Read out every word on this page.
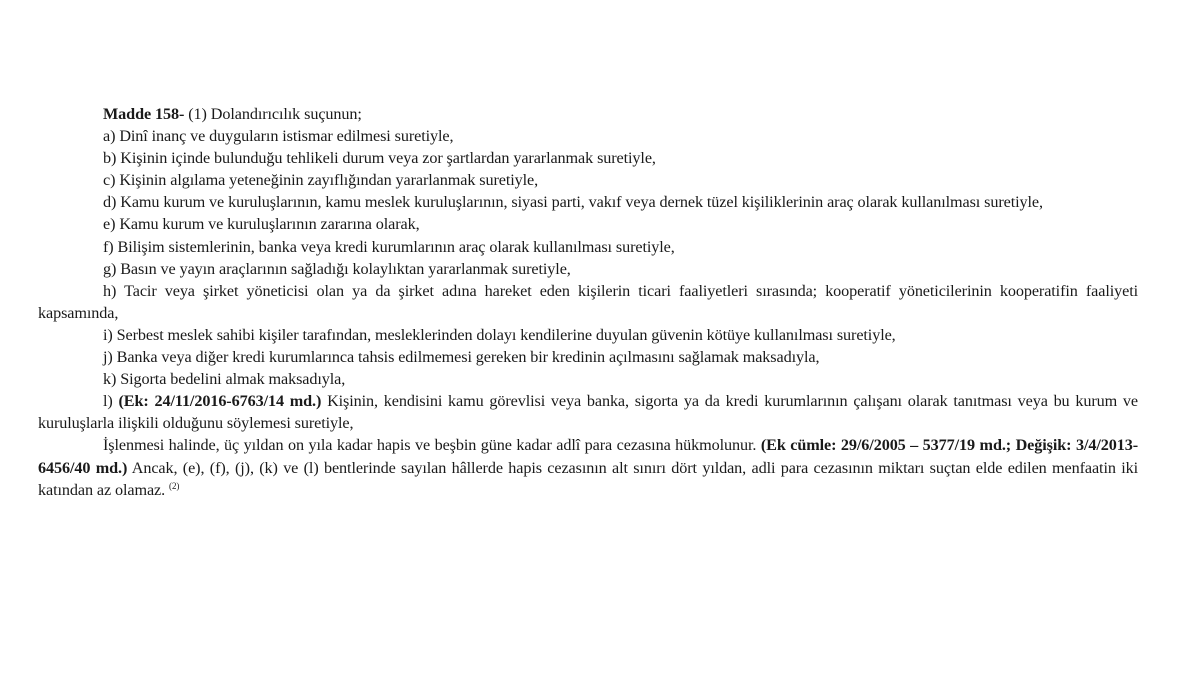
Madde 158- (1) Dolandırıcılık suçunun;

a) Dinî inanç ve duyguların istismar edilmesi suretiyle,

b) Kişinin içinde bulunduğu tehlikeli durum veya zor şartlardan yararlanmak suretiyle,

c) Kişinin algılama yeteneğinin zayıflığından yararlanmak suretiyle,

d) Kamu kurum ve kuruluşlarının, kamu meslek kuruluşlarının, siyasi parti, vakıf veya dernek tüzel kişiliklerinin araç olarak kullanılması suretiyle,

e) Kamu kurum ve kuruluşlarının zararına olarak,

f) Bilişim sistemlerinin, banka veya kredi kurumlarının araç olarak kullanılması suretiyle,

g) Basın ve yayın araçlarının sağladığı kolaylıktan yararlanmak suretiyle,

h) Tacir veya şirket yöneticisi olan ya da şirket adına hareket eden kişilerin ticari faaliyetleri sırasında; kooperatif yöneticilerinin kooperatifin faaliyeti kapsamında,

i) Serbest meslek sahibi kişiler tarafından, mesleklerinden dolayı kendilerine duyulan güvenin kötüye kullanılması suretiyle,

j) Banka veya diğer kredi kurumlarınca tahsis edilmemesi gereken bir kredinin açılmasını sağlamak maksadıyla,

k) Sigorta bedelini almak maksadıyla,

l) (Ek: 24/11/2016-6763/14 md.) Kişinin, kendisini kamu görevlisi veya banka, sigorta ya da kredi kurumlarının çalışanı olarak tanıtması veya bu kurum ve kuruluşlarla ilişkili olduğunu söylemesi suretiyle,

İşlenmesi halinde, üç yıldan on yıla kadar hapis ve beşbin güne kadar adlî para cezasına hükmolunur. (Ek cümle: 29/6/2005 – 5377/19 md.; Değişik: 3/4/2013-6456/40 md.) Ancak, (e), (f), (j), (k) ve (l) bentlerinde sayılan hâllerde hapis cezasının alt sınırı dört yıldan, adli para cezasının miktarı suçtan elde edilen menfaatin iki katından az olamaz. $^{(2)}$
